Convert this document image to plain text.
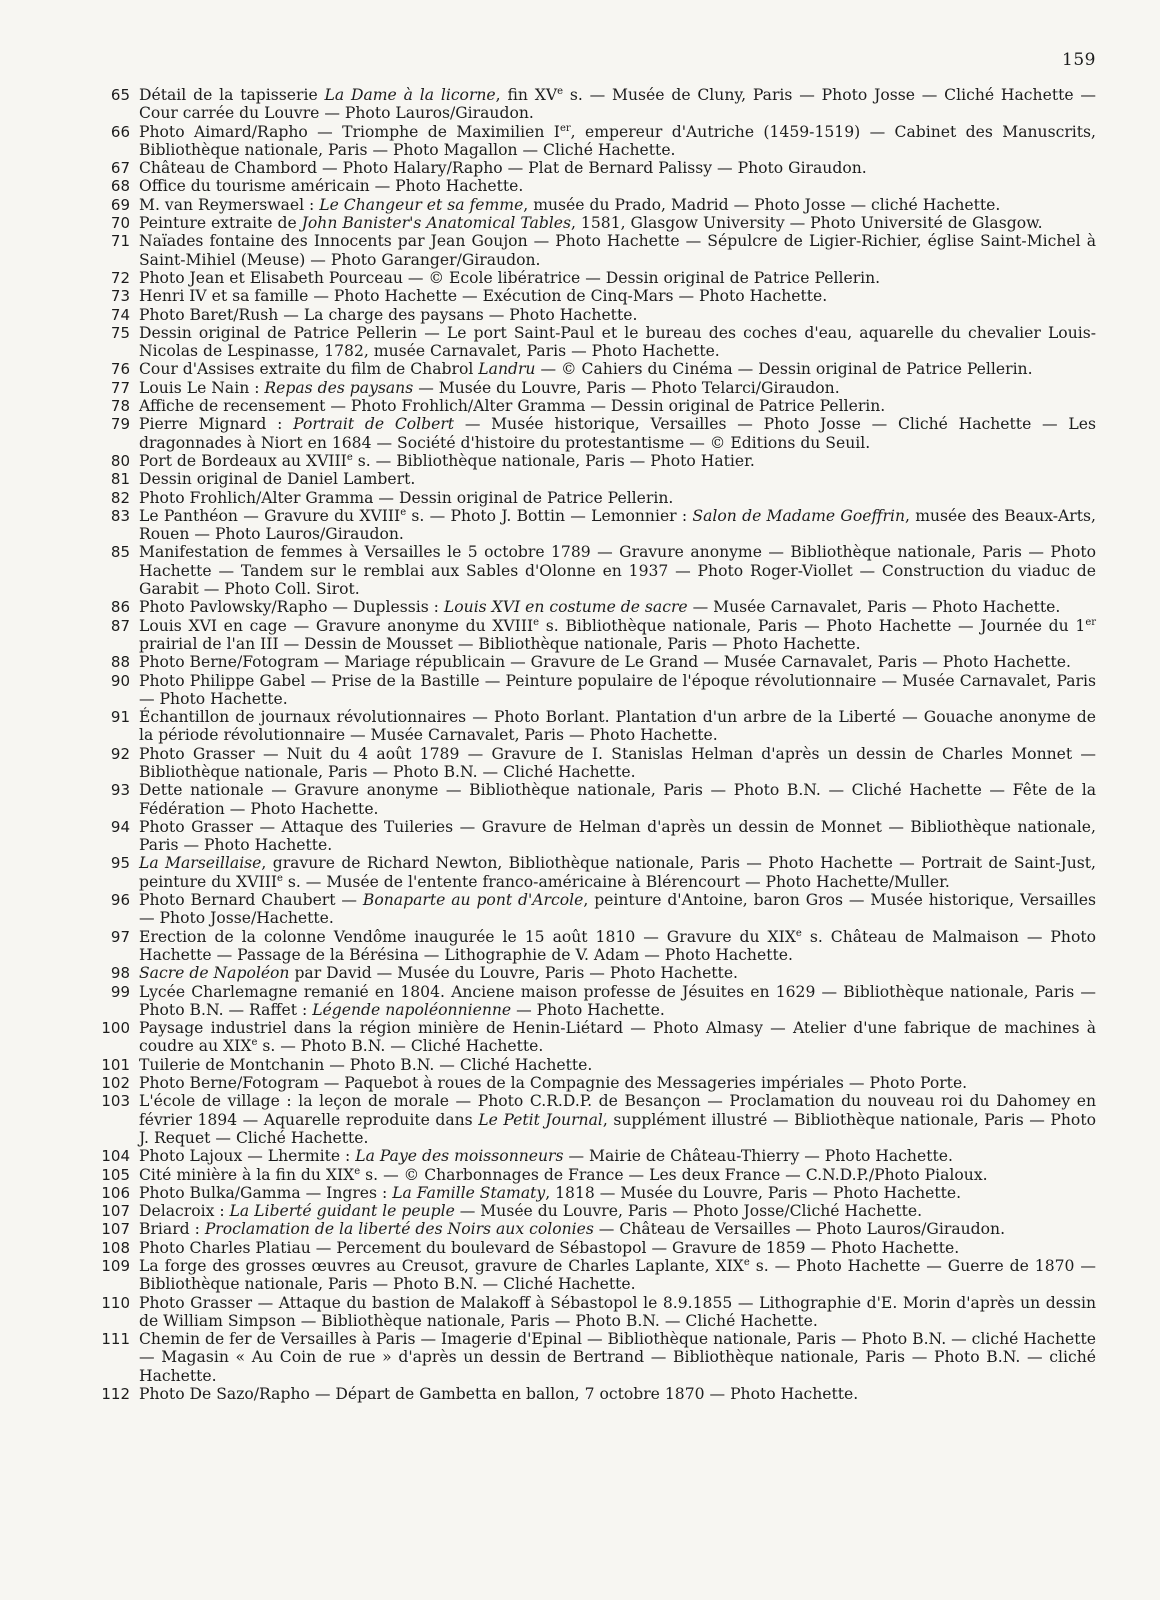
159
65 Détail de la tapisserie La Dame à la licorne, fin XVe s. — Musée de Cluny, Paris — Photo Josse — Cliché Hachette — Cour carrée du Louvre — Photo Lauros/Giraudon.
66 Photo Aimard/Rapho — Triomphe de Maximilien Ier, empereur d'Autriche (1459-1519) — Cabinet des Manuscrits, Bibliothèque nationale, Paris — Photo Magallon — Cliché Hachette.
67 Château de Chambord — Photo Halary/Rapho — Plat de Bernard Palissy — Photo Giraudon.
68 Office du tourisme américain — Photo Hachette.
69 M. van Reymerswael : Le Changeur et sa femme, musée du Prado, Madrid — Photo Josse — cliché Hachette.
70 Peinture extraite de John Banister's Anatomical Tables, 1581, Glasgow University — Photo Université de Glasgow.
71 Naïades fontaine des Innocents par Jean Goujon — Photo Hachette — Sépulcre de Ligier-Richier, église Saint-Michel à Saint-Mihiel (Meuse) — Photo Garanger/Giraudon.
72 Photo Jean et Elisabeth Pourceau — © Ecole libératrice — Dessin original de Patrice Pellerin.
73 Henri IV et sa famille — Photo Hachette — Exécution de Cinq-Mars — Photo Hachette.
74 Photo Baret/Rush — La charge des paysans — Photo Hachette.
75 Dessin original de Patrice Pellerin — Le port Saint-Paul et le bureau des coches d'eau, aquarelle du chevalier Louis-Nicolas de Lespinasse, 1782, musée Carnavalet, Paris — Photo Hachette.
76 Cour d'Assises extraite du film de Chabrol Landru — © Cahiers du Cinéma — Dessin original de Patrice Pellerin.
77 Louis Le Nain : Repas des paysans — Musée du Louvre, Paris — Photo Telarci/Giraudon.
78 Affiche de recensement — Photo Frohlich/Alter Gramma — Dessin original de Patrice Pellerin.
79 Pierre Mignard : Portrait de Colbert — Musée historique, Versailles — Photo Josse — Cliché Hachette — Les dragonnades à Niort en 1684 — Société d'histoire du protestantisme — © Editions du Seuil.
80 Port de Bordeaux au XVIIIe s. — Bibliothèque nationale, Paris — Photo Hatier.
81 Dessin original de Daniel Lambert.
82 Photo Frohlich/Alter Gramma — Dessin original de Patrice Pellerin.
83 Le Panthéon — Gravure du XVIIIe s. — Photo J. Bottin — Lemonnier : Salon de Madame Goeffrin, musée des Beaux-Arts, Rouen — Photo Lauros/Giraudon.
85 Manifestation de femmes à Versailles le 5 octobre 1789 — Gravure anonyme — Bibliothèque nationale, Paris — Photo Hachette — Tandem sur le remblai aux Sables d'Olonne en 1937 — Photo Roger-Viollet — Construction du viaduc de Garabit — Photo Coll. Sirot.
86 Photo Pavlowsky/Rapho — Duplessis : Louis XVI en costume de sacre — Musée Carnavalet, Paris — Photo Hachette.
87 Louis XVI en cage — Gravure anonyme du XVIIIe s. Bibliothèque nationale, Paris — Photo Hachette — Journée du 1er prairial de l'an III — Dessin de Mousset — Bibliothèque nationale, Paris — Photo Hachette.
88 Photo Berne/Fotogram — Mariage républicain — Gravure de Le Grand — Musée Carnavalet, Paris — Photo Hachette.
90 Photo Philippe Gabel — Prise de la Bastille — Peinture populaire de l'époque révolutionnaire — Musée Carnavalet, Paris — Photo Hachette.
91 Échantillon de journaux révolutionnaires — Photo Borlant. Plantation d'un arbre de la Liberté — Gouache anonyme de la période révolutionnaire — Musée Carnavalet, Paris — Photo Hachette.
92 Photo Grasser — Nuit du 4 août 1789 — Gravure de I. Stanislas Helman d'après un dessin de Charles Monnet — Bibliothèque nationale, Paris — Photo B.N. — Cliché Hachette.
93 Dette nationale — Gravure anonyme — Bibliothèque nationale, Paris — Photo B.N. — Cliché Hachette — Fête de la Fédération — Photo Hachette.
94 Photo Grasser — Attaque des Tuileries — Gravure de Helman d'après un dessin de Monnet — Bibliothèque nationale, Paris — Photo Hachette.
95 La Marseillaise, gravure de Richard Newton, Bibliothèque nationale, Paris — Photo Hachette — Portrait de Saint-Just, peinture du XVIIIe s. — Musée de l'entente franco-américaine à Blérencourt — Photo Hachette/Muller.
96 Photo Bernard Chaubert — Bonaparte au pont d'Arcole, peinture d'Antoine, baron Gros — Musée historique, Versailles — Photo Josse/Hachette.
97 Erection de la colonne Vendôme inaugurée le 15 août 1810 — Gravure du XIXe s. Château de Malmaison — Photo Hachette — Passage de la Bérésina — Lithographie de V. Adam — Photo Hachette.
98 Sacre de Napoléon par David — Musée du Louvre, Paris — Photo Hachette.
99 Lycée Charlemagne remanié en 1804. Anciene maison professe de Jésuites en 1629 — Bibliothèque nationale, Paris — Photo B.N. — Raffet : Légende napoléonnienne — Photo Hachette.
100 Paysage industriel dans la région minière de Henin-Liétard — Photo Almasy — Atelier d'une fabrique de machines à coudre au XIXe s. — Photo B.N. — Cliché Hachette.
101 Tuilerie de Montchanin — Photo B.N. — Cliché Hachette.
102 Photo Berne/Fotogram — Paquebot à roues de la Compagnie des Messageries impériales — Photo Porte.
103 L'école de village : la leçon de morale — Photo C.R.D.P. de Besançon — Proclamation du nouveau roi du Dahomey en février 1894 — Aquarelle reproduite dans Le Petit Journal, supplément illustré — Bibliothèque nationale, Paris — Photo J. Requet — Cliché Hachette.
104 Photo Lajoux — Lhermite : La Paye des moissonneurs — Mairie de Château-Thierry — Photo Hachette.
105 Cité minière à la fin du XIXe s. — © Charbonnages de France — Les deux France — C.N.D.P./Photo Pialoux.
106 Photo Bulka/Gamma — Ingres : La Famille Stamaty, 1818 — Musée du Louvre, Paris — Photo Hachette.
107 Delacroix : La Liberté guidant le peuple — Musée du Louvre, Paris — Photo Josse/Cliché Hachette.
107 Briard : Proclamation de la liberté des Noirs aux colonies — Château de Versailles — Photo Lauros/Giraudon.
108 Photo Charles Platiau — Percement du boulevard de Sébastopol — Gravure de 1859 — Photo Hachette.
109 La forge des grosses œuvres au Creusot, gravure de Charles Laplante, XIXe s. — Photo Hachette — Guerre de 1870 — Bibliothèque nationale, Paris — Photo B.N. — Cliché Hachette.
110 Photo Grasser — Attaque du bastion de Malakoff à Sébastopol le 8.9.1855 — Lithographie d'E. Morin d'après un dessin de William Simpson — Bibliothèque nationale, Paris — Photo B.N. — Cliché Hachette.
111 Chemin de fer de Versailles à Paris — Imagerie d'Epinal — Bibliothèque nationale, Paris — Photo B.N. — cliché Hachette — Magasin « Au Coin de rue » d'après un dessin de Bertrand — Bibliothèque nationale, Paris — Photo B.N. — cliché Hachette.
112 Photo De Sazo/Rapho — Départ de Gambetta en ballon, 7 octobre 1870 — Photo Hachette.
